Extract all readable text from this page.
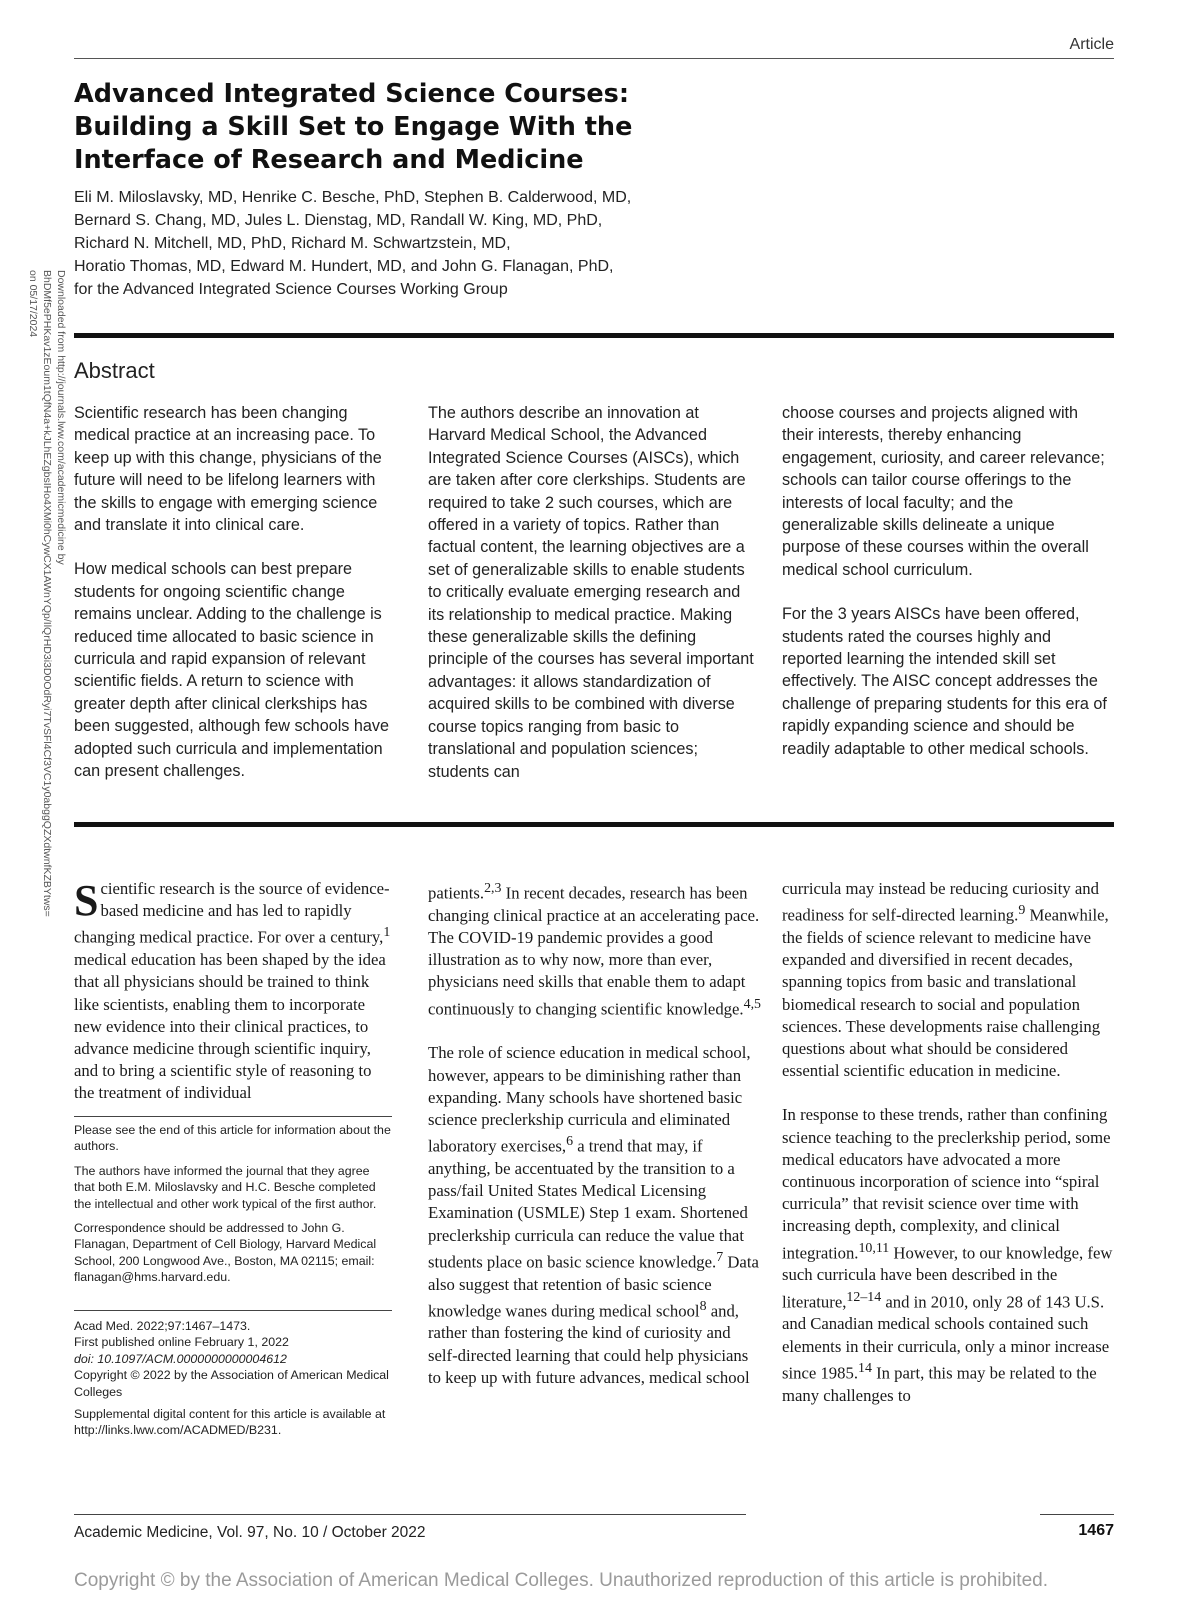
Article
Advanced Integrated Science Courses: Building a Skill Set to Engage With the Interface of Research and Medicine
Eli M. Miloslavsky, MD, Henrike C. Besche, PhD, Stephen B. Calderwood, MD,
Bernard S. Chang, MD, Jules L. Dienstag, MD, Randall W. King, MD, PhD,
Richard N. Mitchell, MD, PhD, Richard M. Schwartzstein, MD,
Horatio Thomas, MD, Edward M. Hundert, MD, and John G. Flanagan, PhD,
for the Advanced Integrated Science Courses Working Group
Downloaded from http://journals.lww.com/academicmedicine by BhDMf5ePHKav1zEoum1tQfN4a+kJLhEZgbsIHo4XMi0hCywCX1AWnYQp/IlQrHD3i3D0OdRyi7TvSFl4Cf3VC1y0abggQZXdtwnfKZBYtws= on 05/17/2024
Abstract

Scientific research has been changing medical practice at an increasing pace. To keep up with this change, physicians of the future will need to be lifelong learners with the skills to engage with emerging science and translate it into clinical care.

How medical schools can best prepare students for ongoing scientific change remains unclear. Adding to the challenge is reduced time allocated to basic science in curricula and rapid expansion of relevant scientific fields. A return to science with greater depth after clinical clerkships has been suggested, although few schools have adopted such curricula and implementation can present challenges.

The authors describe an innovation at Harvard Medical School, the Advanced Integrated Science Courses (AISCs), which are taken after core clerkships. Students are required to take 2 such courses, which are offered in a variety of topics. Rather than factual content, the learning objectives are a set of generalizable skills to enable students to critically evaluate emerging research and its relationship to medical practice. Making these generalizable skills the defining principle of the courses has several important advantages: it allows standardization of acquired skills to be combined with diverse course topics ranging from basic to translational and population sciences; students can

choose courses and projects aligned with their interests, thereby enhancing engagement, curiosity, and career relevance; schools can tailor course offerings to the interests of local faculty; and the generalizable skills delineate a unique purpose of these courses within the overall medical school curriculum.

For the 3 years AISCs have been offered, students rated the courses highly and reported learning the intended skill set effectively. The AISC concept addresses the challenge of preparing students for this era of rapidly expanding science and should be readily adaptable to other medical schools.

Scientific research is the source of evidence-based medicine and has led to rapidly changing medical practice. For over a century,$^1$ medical education has been shaped by the idea that all physicians should be trained to think like scientists, enabling them to incorporate new evidence into their clinical practices, to advance medicine through scientific inquiry, and to bring a scientific style of reasoning to the treatment of individual

Please see the end of this article for information about the authors.

The authors have informed the journal that they agree that both E.M. Miloslavsky and H.C. Besche completed the intellectual and other work typical of the first author.

Correspondence should be addressed to John G. Flanagan, Department of Cell Biology, Harvard Medical School, 200 Longwood Ave., Boston, MA 02115; email: flanagan@hms.harvard.edu.

Acad Med. 2022;97:1467–1473.
First published online February 1, 2022
doi: 10.1097/ACM.0000000000004612
Copyright © 2022 by the Association of American Medical Colleges

Supplemental digital content for this article is available at http://links.lww.com/ACADMED/B231.

patients.$^{2,3}$ In recent decades, research has been changing clinical practice at an accelerating pace. The COVID-19 pandemic provides a good illustration as to why now, more than ever, physicians need skills that enable them to adapt continuously to changing scientific knowledge.$^{4,5}$

The role of science education in medical school, however, appears to be diminishing rather than expanding. Many schools have shortened basic science preclerkship curricula and eliminated laboratory exercises,$^6$ a trend that may, if anything, be accentuated by the transition to a pass/fail United States Medical Licensing Examination (USMLE) Step 1 exam. Shortened preclerkship curricula can reduce the value that students place on basic science knowledge.$^7$ Data also suggest that retention of basic science knowledge wanes during medical school$^8$ and, rather than fostering the kind of curiosity and self-directed learning that could help physicians to keep up with future advances, medical school

curricula may instead be reducing curiosity and readiness for self-directed learning.$^9$ Meanwhile, the fields of science relevant to medicine have expanded and diversified in recent decades, spanning topics from basic and translational biomedical research to social and population sciences. These developments raise challenging questions about what should be considered essential scientific education in medicine.

In response to these trends, rather than confining science teaching to the preclerkship period, some medical educators have advocated a more continuous incorporation of science into “spiral curricula” that revisit science over time with increasing depth, complexity, and clinical integration.$^{10,11}$ However, to our knowledge, few such curricula have been described in the literature,$^{12-14}$ and in 2010, only 28 of 143 U.S. and Canadian medical schools contained such elements in their curricula, only a minor increase since 1985.14 In part, this may be related to the many challenges to

Academic Medicine, Vol. 97, No. 10 / October 2022	1467
Copyright © by the Association of American Medical Colleges. Unauthorized reproduction of this article is prohibited.
